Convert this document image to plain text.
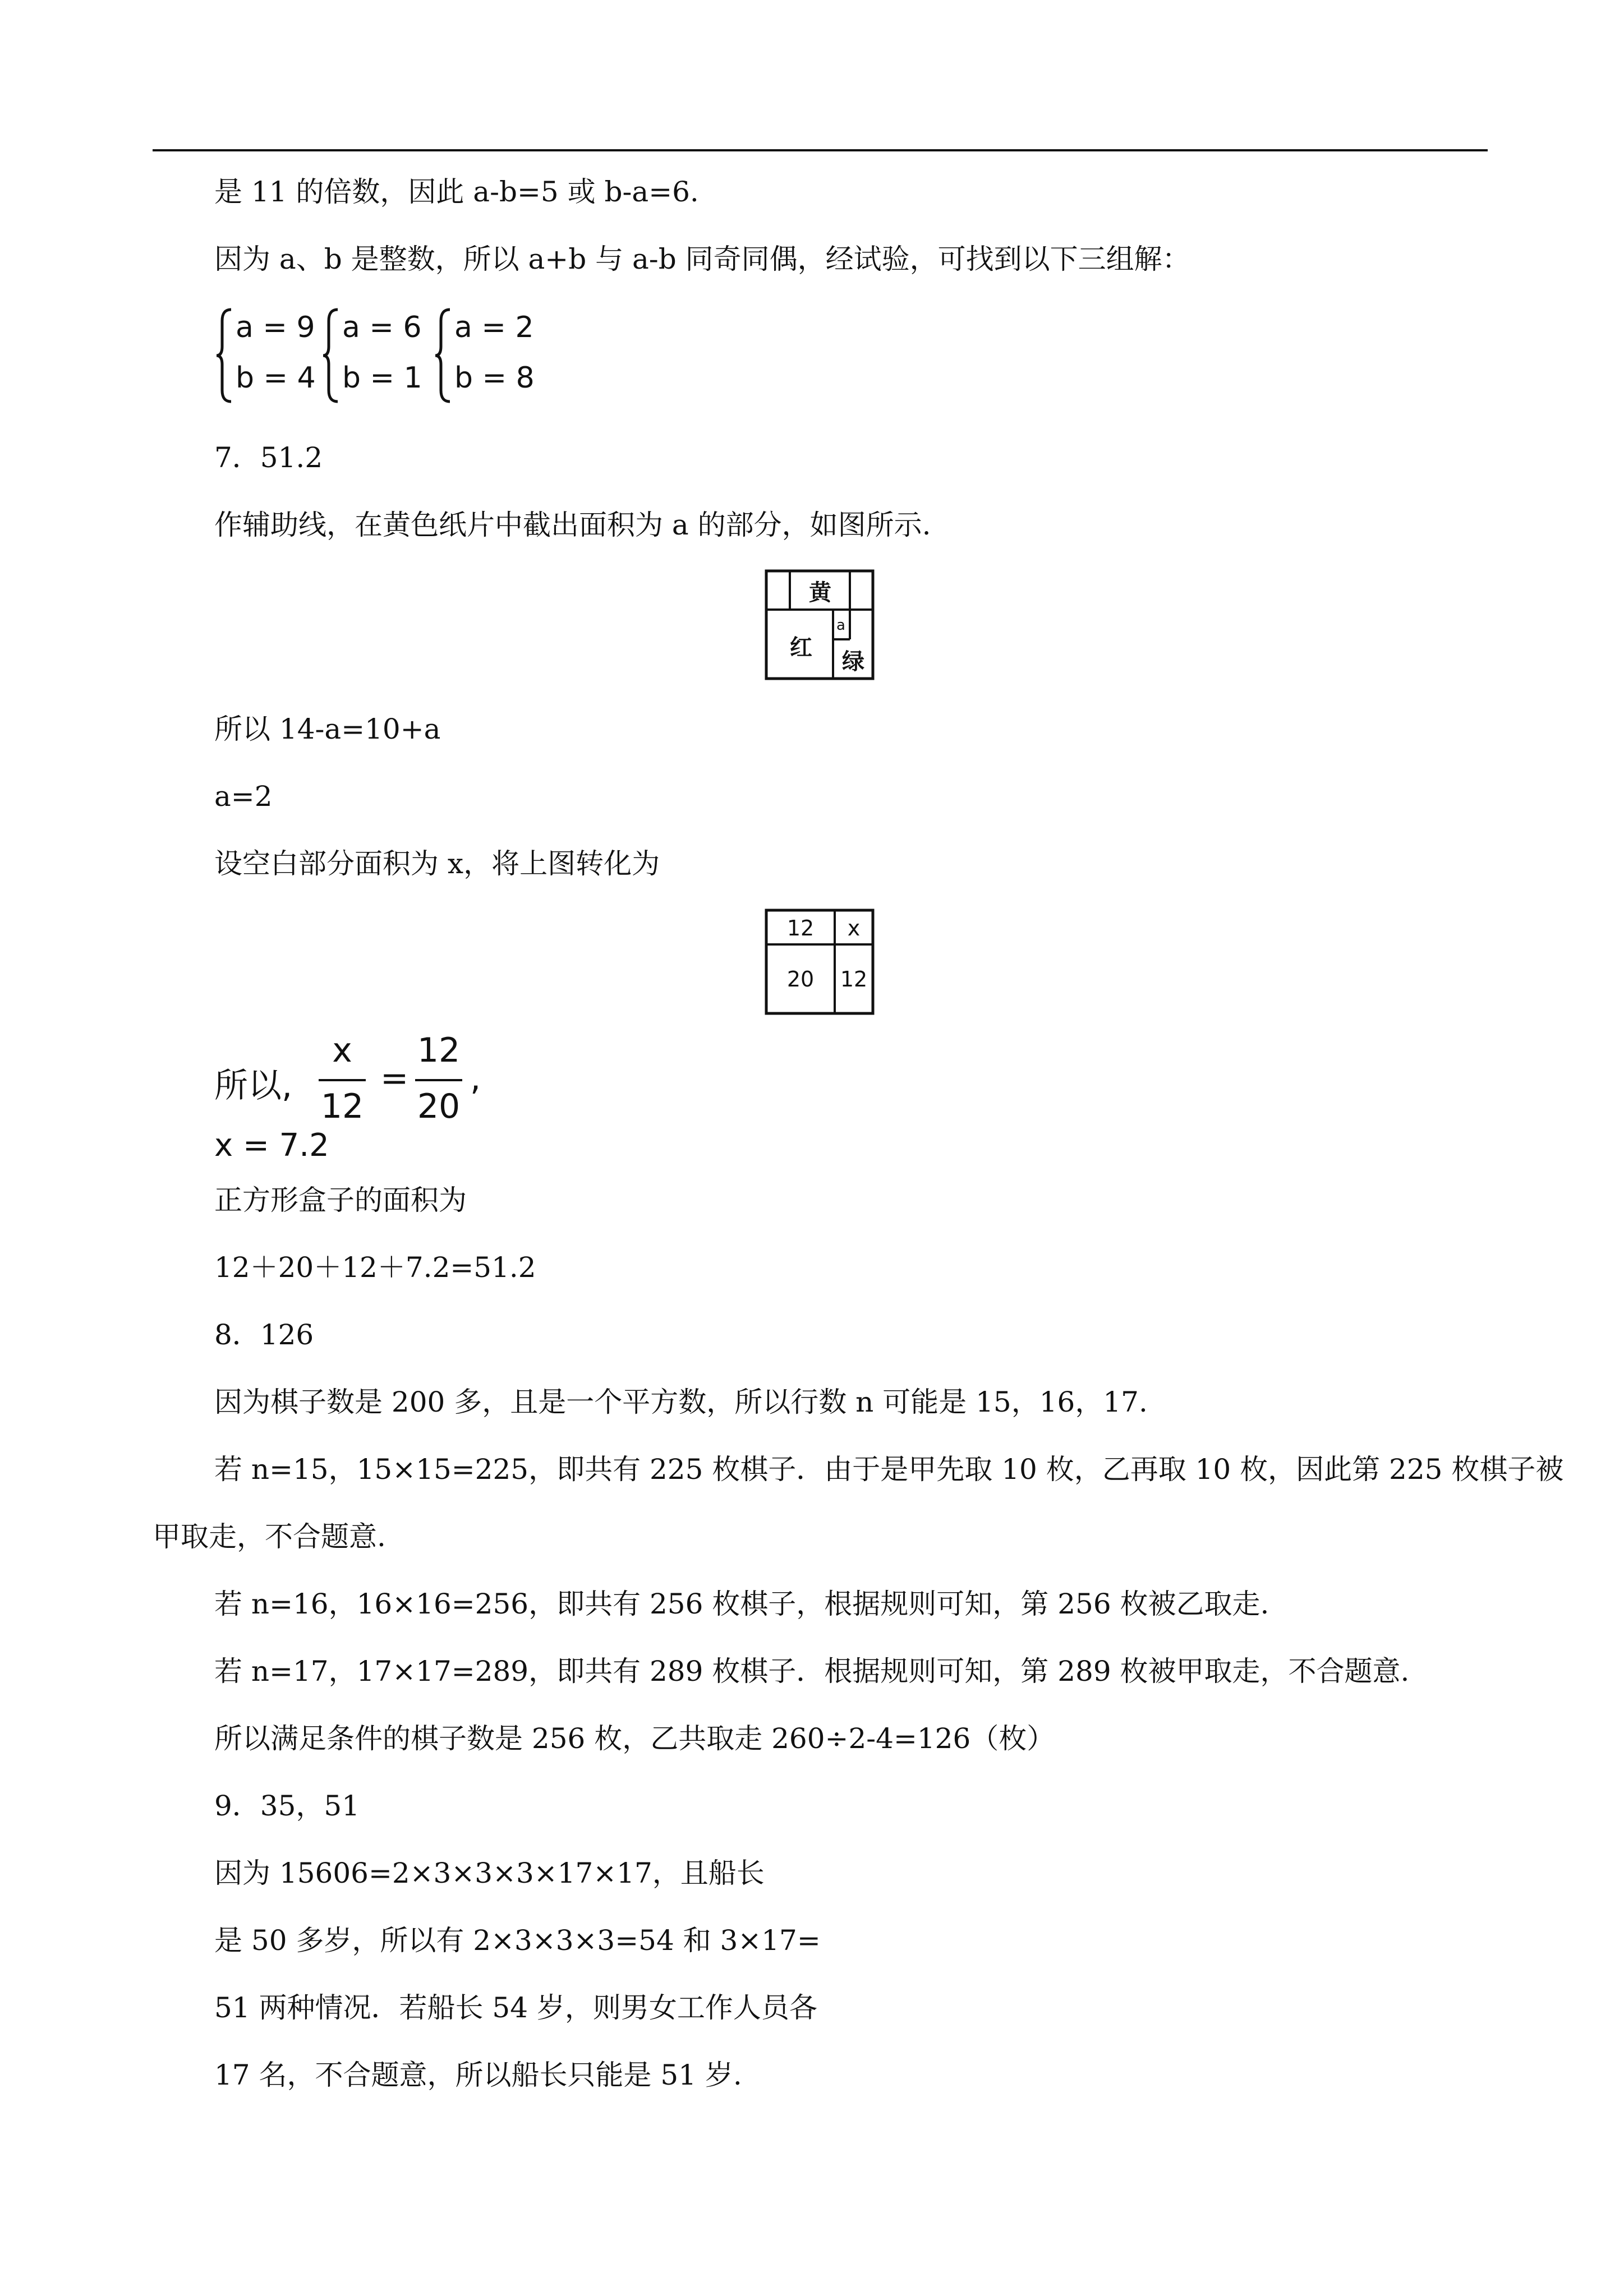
是 11 的倍数，因此 a-b=5 或 b-a=6.
因为 a、b 是整数，所以 a+b 与 a-b 同奇同偶，经试验，可找到以下三组解：
a = 9
b = 4
a = 6
b = 1
a = 2
b = 8
7．51.2
作辅助线，在黄色纸片中截出面积为 a 的部分，如图所示.
黄
红
绿
a
所以 14-a=10+a
a=2
设空白部分面积为 x，将上图转化为
12 x
20 12
所以,
x
12
=
12
20
,
x = 7.2
正方形盒子的面积为
12＋20＋12＋7.2=51.2
8．126
因为棋子数是 200 多，且是一个平方数，所以行数 n 可能是 15，16，17.
若 n=15，15×15=225，即共有 225 枚棋子．由于是甲先取 10 枚，乙再取 10 枚，因此第 225 枚棋子被
甲取走，不合题意.
若 n=16，16×16=256，即共有 256 枚棋子，根据规则可知，第 256 枚被乙取走.
若 n=17，17×17=289，即共有 289 枚棋子．根据规则可知，第 289 枚被甲取走，不合题意.
所以满足条件的棋子数是 256 枚，乙共取走 260÷2-4=126（枚）
9．35，51
因为 15606=2×3×3×3×17×17，且船长
是 50 多岁，所以有 2×3×3×3=54 和 3×17=
51 两种情况．若船长 54 岁，则男女工作人员各
17 名，不合题意，所以船长只能是 51 岁.
